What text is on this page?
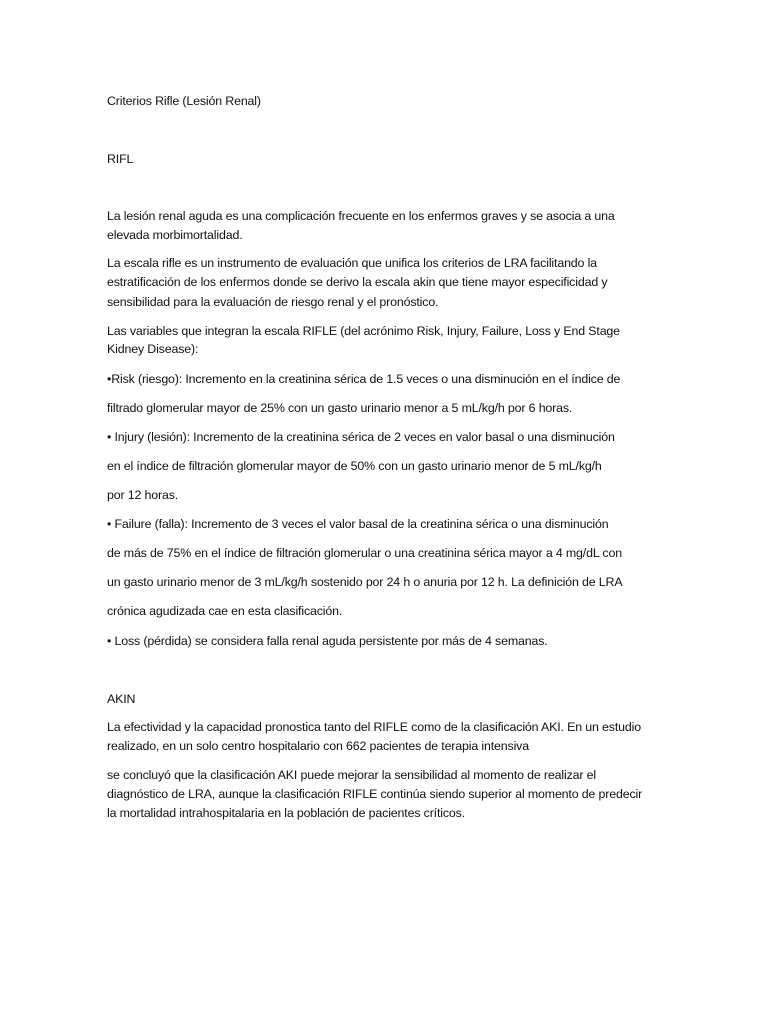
Criterios Rifle (Lesión Renal)

RIFL

La lesión renal aguda es una complicación frecuente en los enfermos graves y se asocia a una

elevada morbimortalidad.

La escala rifle es un instrumento de evaluación que unifica los criterios de LRA facilitando la

estratificación de los enfermos donde se derivo la escala akin que tiene mayor especificidad y

sensibilidad para la evaluación de riesgo renal y el pronóstico.

Las variables que integran la escala RIFLE (del acrónimo Risk, Injury, Failure, Loss y End Stage

Kidney Disease):

•Risk (riesgo): Incremento en la creatinina sérica de 1.5 veces o una disminución en el índice de

filtrado glomerular mayor de 25% con un gasto urinario menor a 5 mL/kg/h por 6 horas.

• Injury (lesión): Incremento de la creatinina sérica de 2 veces en valor basal o una disminución

en el índice de filtración glomerular mayor de 50% con un gasto urinario menor de 5 mL/kg/h

por 12 horas.

• Failure (falla): Incremento de 3 veces el valor basal de la creatinina sérica o una disminución

de más de 75% en el índice de filtración glomerular o una creatinina sérica mayor a 4 mg/dL con

un gasto urinario menor de 3 mL/kg/h sostenido por 24 h o anuria por 12 h. La definición de LRA

crónica agudizada cae en esta clasificación.

• Loss (pérdida) se considera falla renal aguda persistente por más de 4 semanas.

AKIN

La efectividad y la capacidad pronostica tanto del RIFLE como de la clasificación AKI. En un estudio

realizado, en un solo centro hospitalario con 662 pacientes de terapia intensiva

se concluyó que la clasificación AKI puede mejorar la sensibilidad al momento de realizar el

diagnóstico de LRA, aunque la clasificación RIFLE continúa siendo superior al momento de predecir

la mortalidad intrahospitalaria en la población de pacientes críticos.
